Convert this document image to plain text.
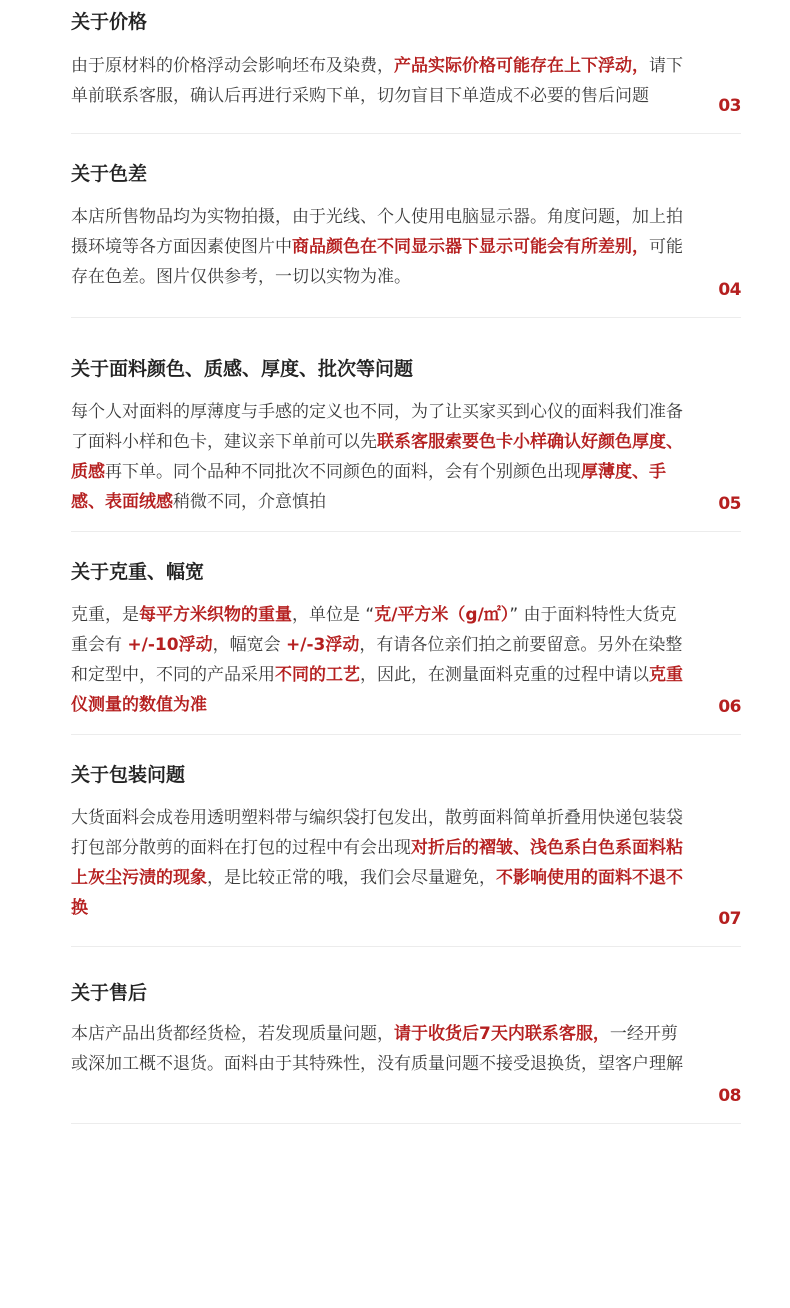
关于价格
由于原材料的价格浮动会影响坯布及染费，产品实际价格可能存在上下浮动，请下单前联系客服，确认后再进行采购下单，切勿盲目下单造成不必要的售后问题	03
关于色差
本店所售物品均为实物拍摄，由于光线、个人使用电脑显示器。角度问题，加上拍摄环境等各方面因素使图片中商品颜色在不同显示器下显示可能会有所差别，可能存在色差。图片仅供参考，一切以实物为准。
04
关于面料颜色、质感、厚度、批次等问题
每个人对面料的厚薄度与手感的定义也不同，为了让买家买到心仪的面料我们准备了面料小样和色卡，建议亲下单前可以先联系客服索要色卡小样确认好颜色厚度、质感再下单。同个品种不同批次不同颜色的面料，会有个别颜色出现厚薄度、手感、表面绒感稍微不同，介意慎拍	05
关于克重、幅宽
克重，是每平方米织物的重量，单位是 “克/平方米（g/㎡）” 由于面料特性大货克重会有 +/-10浮动，幅宽会 +/-3浮动，有请各位亲们拍之前要留意。另外在染整和定型中，不同的产品采用不同的工艺，因此，在测量面料克重的过程中请以克重仪测量的数值为准	06
关于包装问题
大货面料会成卷用透明塑料带与编织袋打包发出，散剪面料简单折叠用快递包装袋打包部分散剪的面料在打包的过程中有会出现对折后的褶皱、浅色系白色系面料粘上灰尘污渍的现象，是比较正常的哦，我们会尽量避免，不影响使用的面料不退不换
07
关于售后
本店产品出货都经货检，若发现质量问题，请于收货后7天内联系客服，一经开剪或深加工概不退货。面料由于其特殊性，没有质量问题不接受退换货，望客户理解
08
